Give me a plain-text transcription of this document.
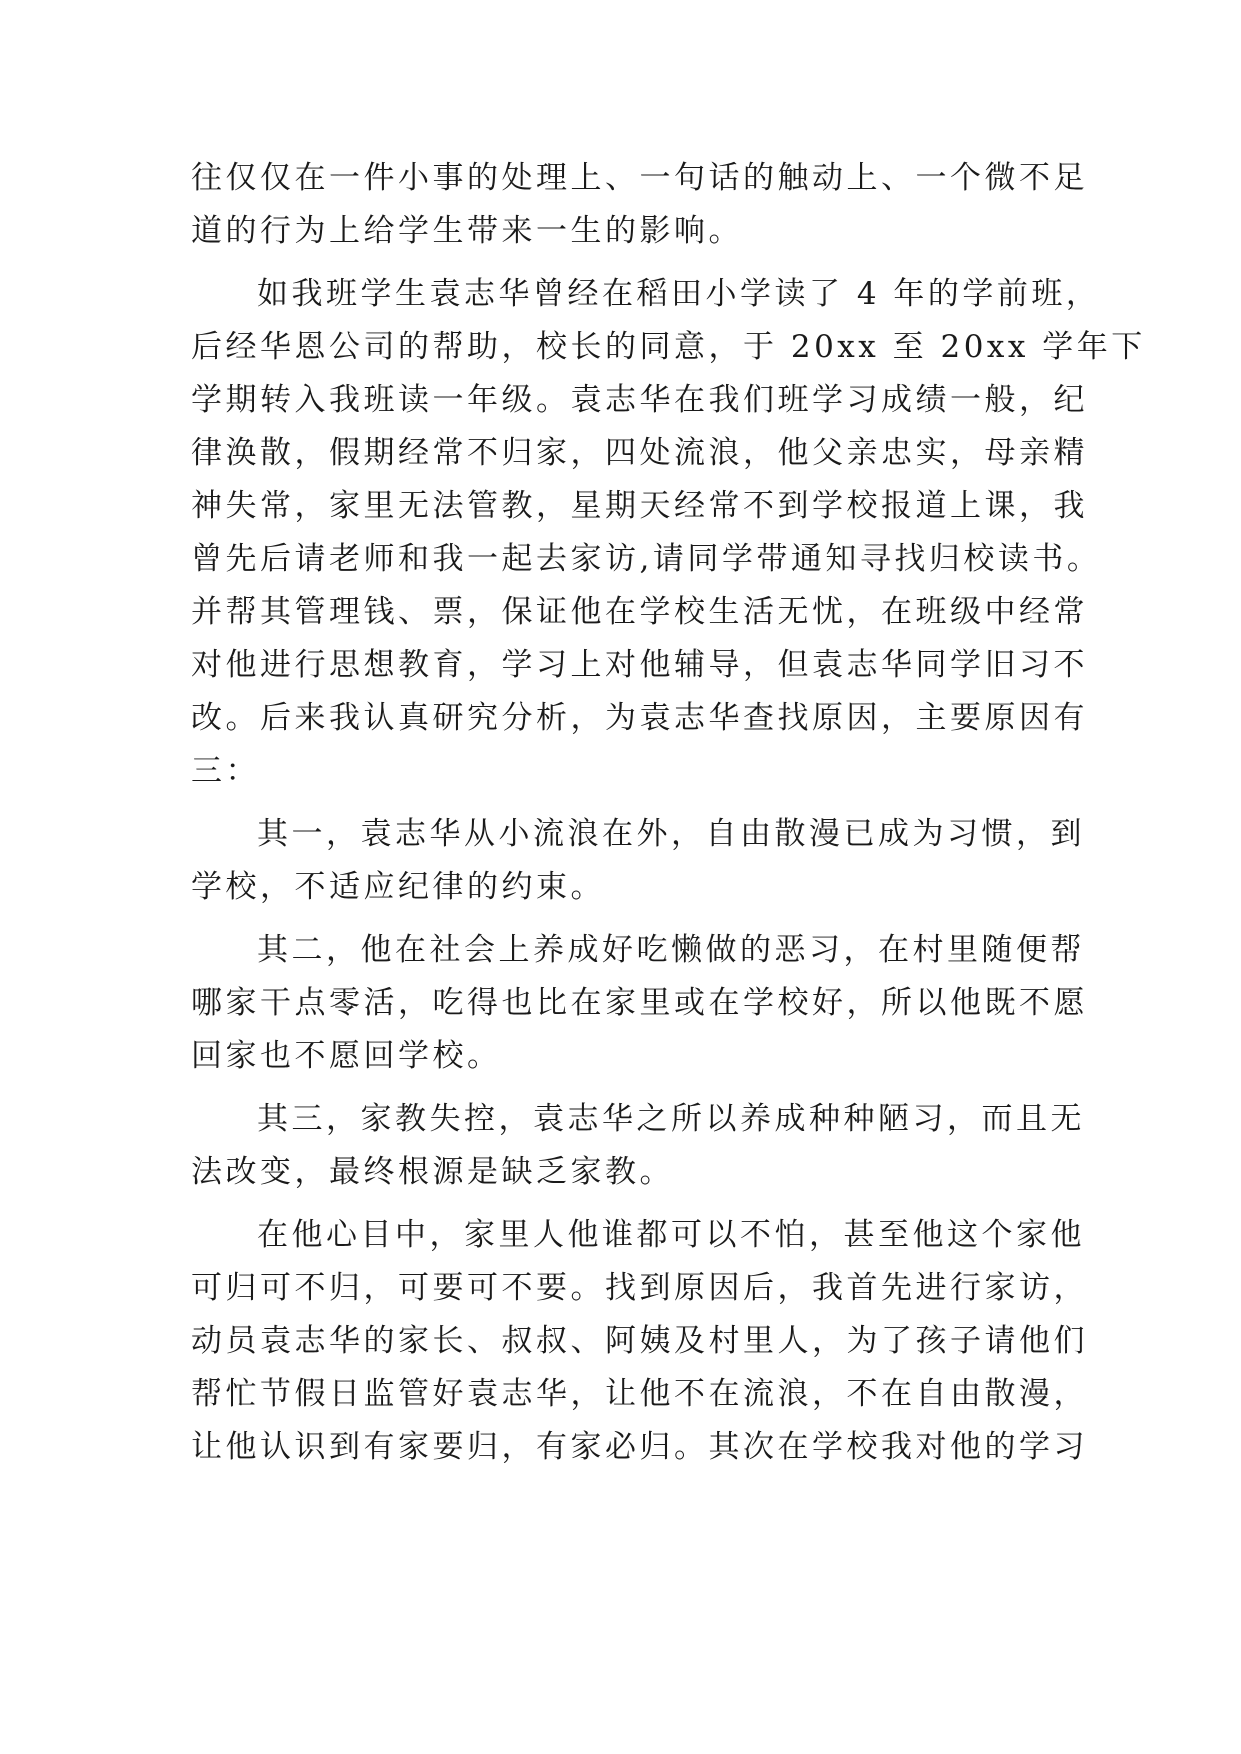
往仅仅在一件小事的处理上、一句话的触动上、一个微不足
道的行为上给学生带来一生的影响。
如我班学生袁志华曾经在稻田小学读了 4 年的学前班，
后经华恩公司的帮助，校长的同意，于 20xx 至 20xx 学年下
学期转入我班读一年级。袁志华在我们班学习成绩一般，纪
律涣散，假期经常不归家，四处流浪，他父亲忠实，母亲精
神失常，家里无法管教，星期天经常不到学校报道上课，我
曾先后请老师和我一起去家访,请同学带通知寻找归校读书。
并帮其管理钱、票，保证他在学校生活无忧，在班级中经常
对他进行思想教育，学习上对他辅导，但袁志华同学旧习不
改。后来我认真研究分析，为袁志华查找原因，主要原因有
三：
其一，袁志华从小流浪在外，自由散漫已成为习惯，到
学校，不适应纪律的约束。
其二，他在社会上养成好吃懒做的恶习，在村里随便帮
哪家干点零活，吃得也比在家里或在学校好，所以他既不愿
回家也不愿回学校。
其三，家教失控，袁志华之所以养成种种陋习，而且无
法改变，最终根源是缺乏家教。
在他心目中，家里人他谁都可以不怕，甚至他这个家他
可归可不归，可要可不要。找到原因后，我首先进行家访，
动员袁志华的家长、叔叔、阿姨及村里人，为了孩子请他们
帮忙节假日监管好袁志华，让他不在流浪，不在自由散漫，
让他认识到有家要归，有家必归。其次在学校我对他的学习
